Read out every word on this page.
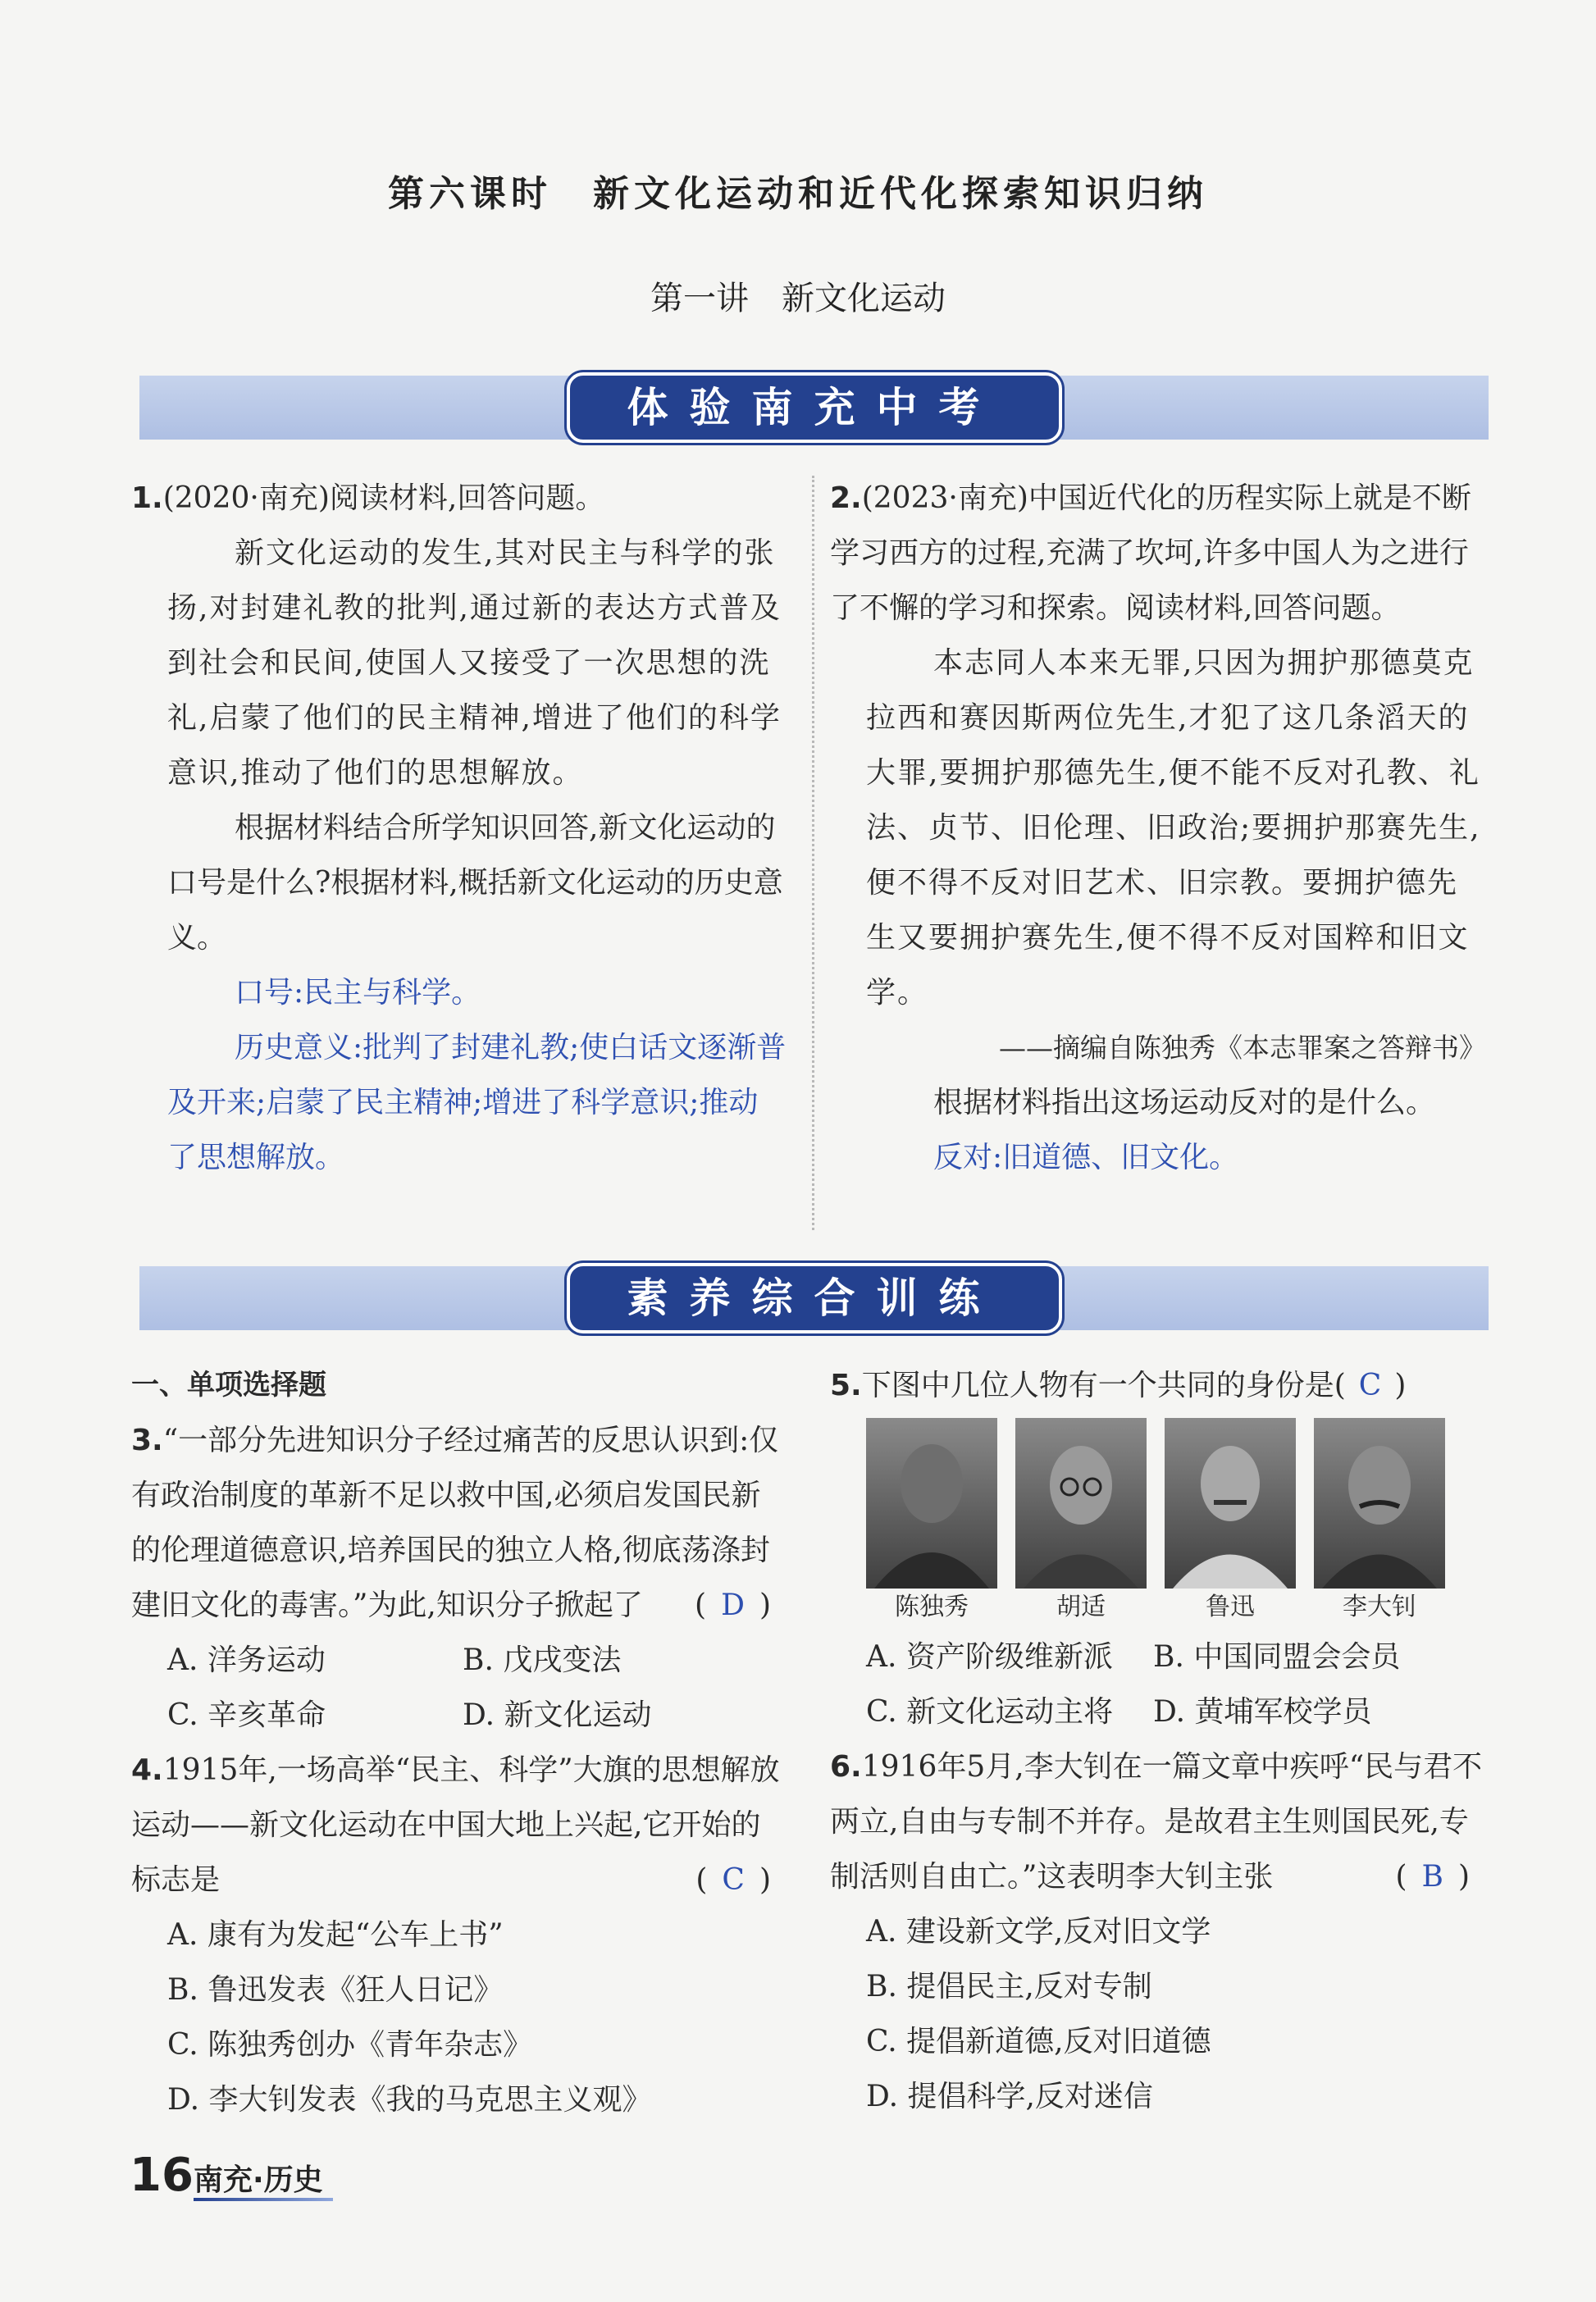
第六课时　新文化运动和近代化探索知识归纳
第一讲　新文化运动
体验南充中考

1.(2020·南充)阅读材料,回答问题。

新文化运动的发生,其对民主与科学的张扬,对封建礼教的批判,通过新的表达方式普及到社会和民间,使国人又接受了一次思想的洗礼,启蒙了他们的民主精神,增进了他们的科学意识,推动了他们的思想解放。

根据材料结合所学知识回答,新文化运动的口号是什么?根据材料,概括新文化运动的历史意义。

口号:民主与科学。

历史意义:批判了封建礼教;使白话文逐渐普及开来;启蒙了民主精神;增进了科学意识;推动了思想解放。

2.(2023·南充)中国近代化的历程实际上就是不断学习西方的过程,充满了坎坷,许多中国人为之进行了不懈的学习和探索。阅读材料,回答问题。

本志同人本来无罪,只因为拥护那德莫克拉西和赛因斯两位先生,才犯了这几条滔天的大罪,要拥护那德先生,便不能不反对孔教、礼法、贞节、旧伦理、旧政治;要拥护那赛先生,便不得不反对旧艺术、旧宗教。要拥护德先生又要拥护赛先生,便不得不反对国粹和旧文学。

——摘编自陈独秀《本志罪案之答辩书》

根据材料指出这场运动反对的是什么。

反对:旧道德、旧文化。

素养综合训练

一、单项选择题

3.“一部分先进知识分子经过痛苦的反思认识到:仅有政治制度的革新不足以救中国,必须启发国民新的伦理道德意识,培养国民的独立人格,彻底荡涤封建旧文化的毒害。”为此,知识分子掀起了 ( D )

A. 洋务运动	B. 戊戌变法

C. 辛亥革命	D. 新文化运动

4.1915年,一场高举“民主、科学”大旗的思想解放运动——新文化运动在中国大地上兴起,它开始的标志是	( C )

A. 康有为发起“公车上书”

B. 鲁迅发表《狂人日记》

C. 陈独秀创办《青年杂志》

D. 李大钊发表《我的马克思主义观》

5.下图中几位人物有一个共同的身份是( C )

陈独秀	胡适	鲁迅	李大钊

A. 资产阶级维新派	B. 中国同盟会会员

C. 新文化运动主将	D. 黄埔军校学员

6.1916年5月,李大钊在一篇文章中疾呼“民与君不两立,自由与专制不并存。是故君主生则国民死,专制活则自由亡。”这表明李大钊主张	( B )

A. 建设新文学,反对旧文学

B. 提倡民主,反对专制

C. 提倡新道德,反对旧道德

D. 提倡科学,反对迷信

16 南充·历史
